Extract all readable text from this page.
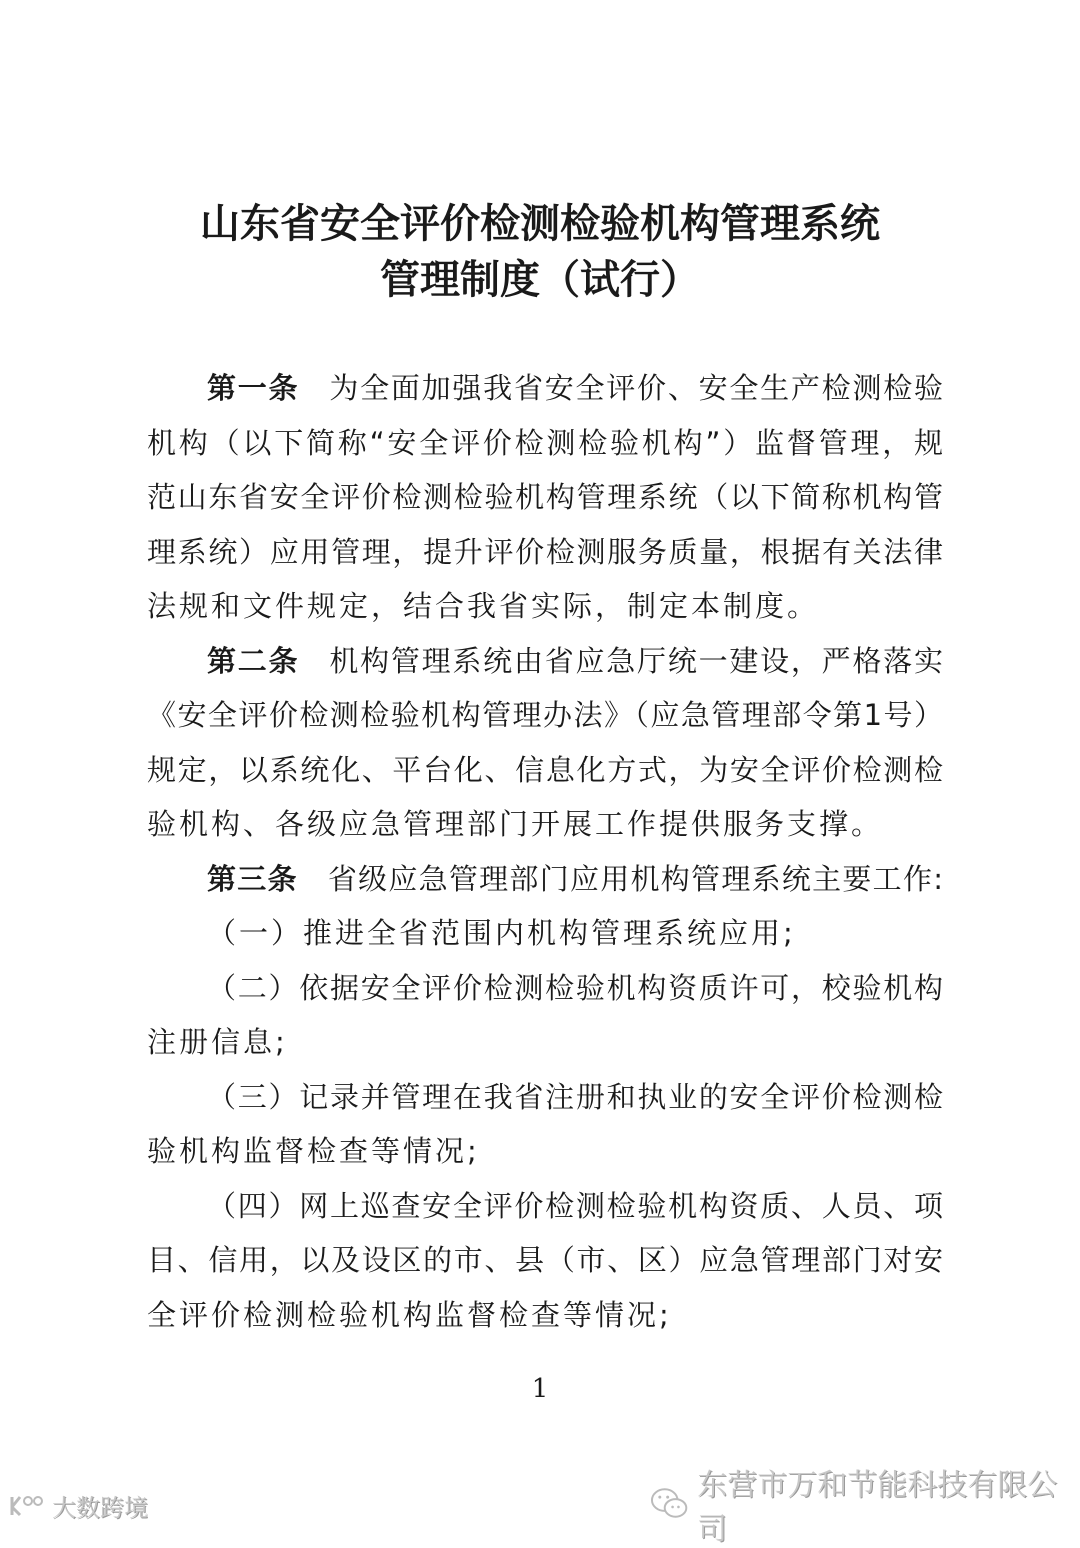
山东省安全评价检测检验机构管理系统
管理制度（试行）
第一条 为全面加强我省安全评价、安全生产检测检验
机构（以下简称“安全评价检测检验机构”）监督管理，规
范山东省安全评价检测检验机构管理系统（以下简称机构管
理系统）应用管理，提升评价检测服务质量，根据有关法律
法规和文件规定，结合我省实际，制定本制度。
第二条 机构管理系统由省应急厅统一建设，严格落实
《安全评价检测检验机构管理办法》（应急管理部令第1号）
规定，以系统化、平台化、信息化方式，为安全评价检测检
验机构、各级应急管理部门开展工作提供服务支撑。
第三条 省级应急管理部门应用机构管理系统主要工作:
（一）推进全省范围内机构管理系统应用;
（二）依据安全评价检测检验机构资质许可，校验机构
注册信息;
（三）记录并管理在我省注册和执业的安全评价检测检
验机构监督检查等情况;
（四）网上巡查安全评价检测检验机构资质、人员、项
目、信用，以及设区的市、县（市、区）应急管理部门对安
全评价检测检验机构监督检查等情况;
1
东营市万和节能科技有限公司
大数跨境
